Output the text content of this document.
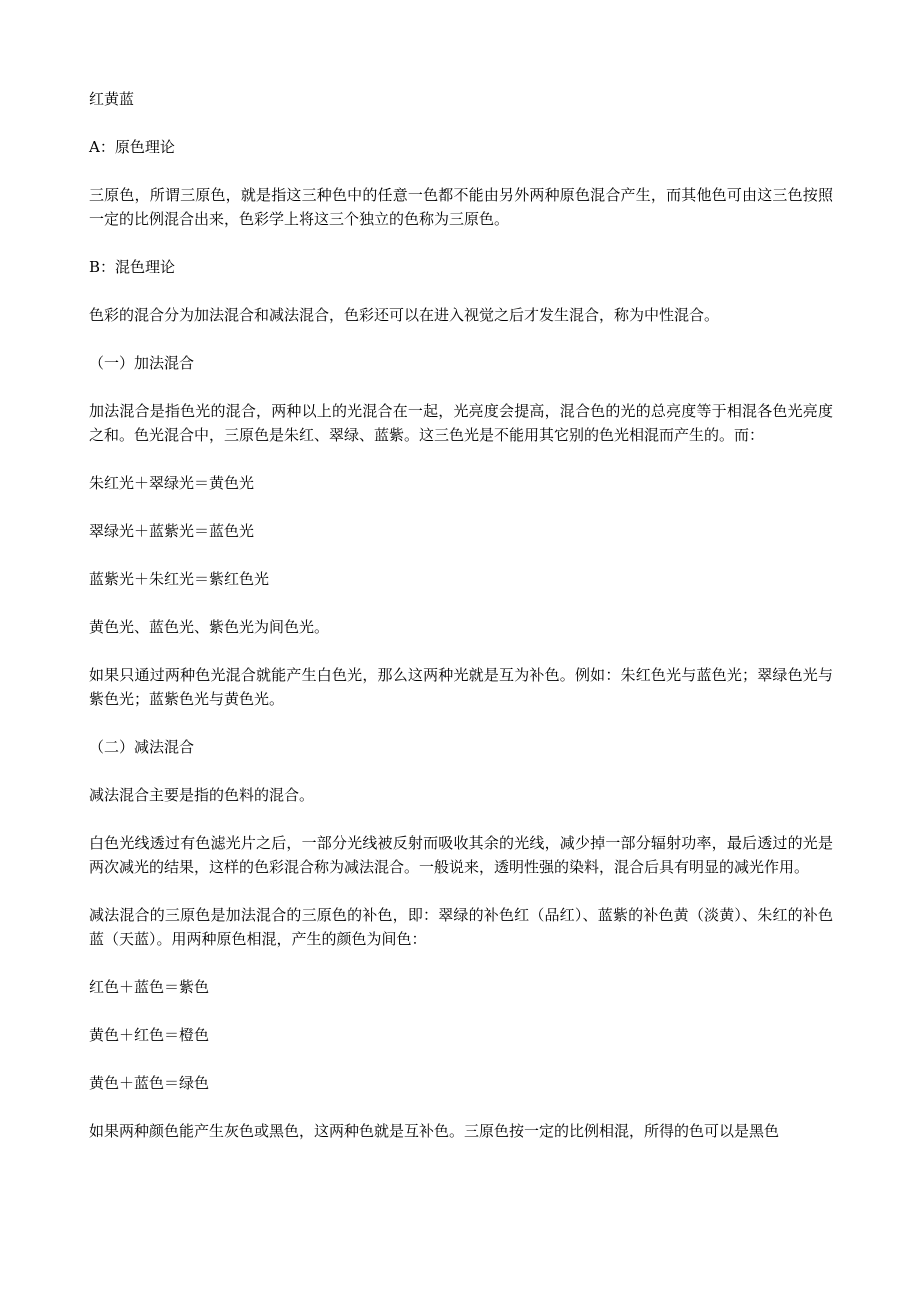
红黄蓝

A：原色理论

三原色，所谓三原色，就是指这三种色中的任意一色都不能由另外两种原色混合产生，而其他色可由这三色按照一定的比例混合出来，色彩学上将这三个独立的色称为三原色。

B：混色理论

色彩的混合分为加法混合和减法混合，色彩还可以在进入视觉之后才发生混合，称为中性混合。

（一）加法混合

加法混合是指色光的混合，两种以上的光混合在一起，光亮度会提高，混合色的光的总亮度等于相混各色光亮度之和。色光混合中，三原色是朱红、翠绿、蓝紫。这三色光是不能用其它别的色光相混而产生的。而：

朱红光＋翠绿光＝黄色光

翠绿光＋蓝紫光＝蓝色光

蓝紫光＋朱红光＝紫红色光

黄色光、蓝色光、紫色光为间色光。

如果只通过两种色光混合就能产生白色光，那么这两种光就是互为补色。例如：朱红色光与蓝色光；翠绿色光与紫色光；蓝紫色光与黄色光。

（二）减法混合

减法混合主要是指的色料的混合。

白色光线透过有色滤光片之后，一部分光线被反射而吸收其余的光线，减少掉一部分辐射功率，最后透过的光是两次减光的结果，这样的色彩混合称为减法混合。一般说来，透明性强的染料，混合后具有明显的减光作用。

减法混合的三原色是加法混合的三原色的补色，即：翠绿的补色红（品红）、蓝紫的补色黄（淡黄）、朱红的补色蓝（天蓝）。用两种原色相混，产生的颜色为间色：

红色＋蓝色＝紫色

黄色＋红色＝橙色

黄色＋蓝色＝绿色

如果两种颜色能产生灰色或黑色，这两种色就是互补色。三原色按一定的比例相混，所得的色可以是黑色
